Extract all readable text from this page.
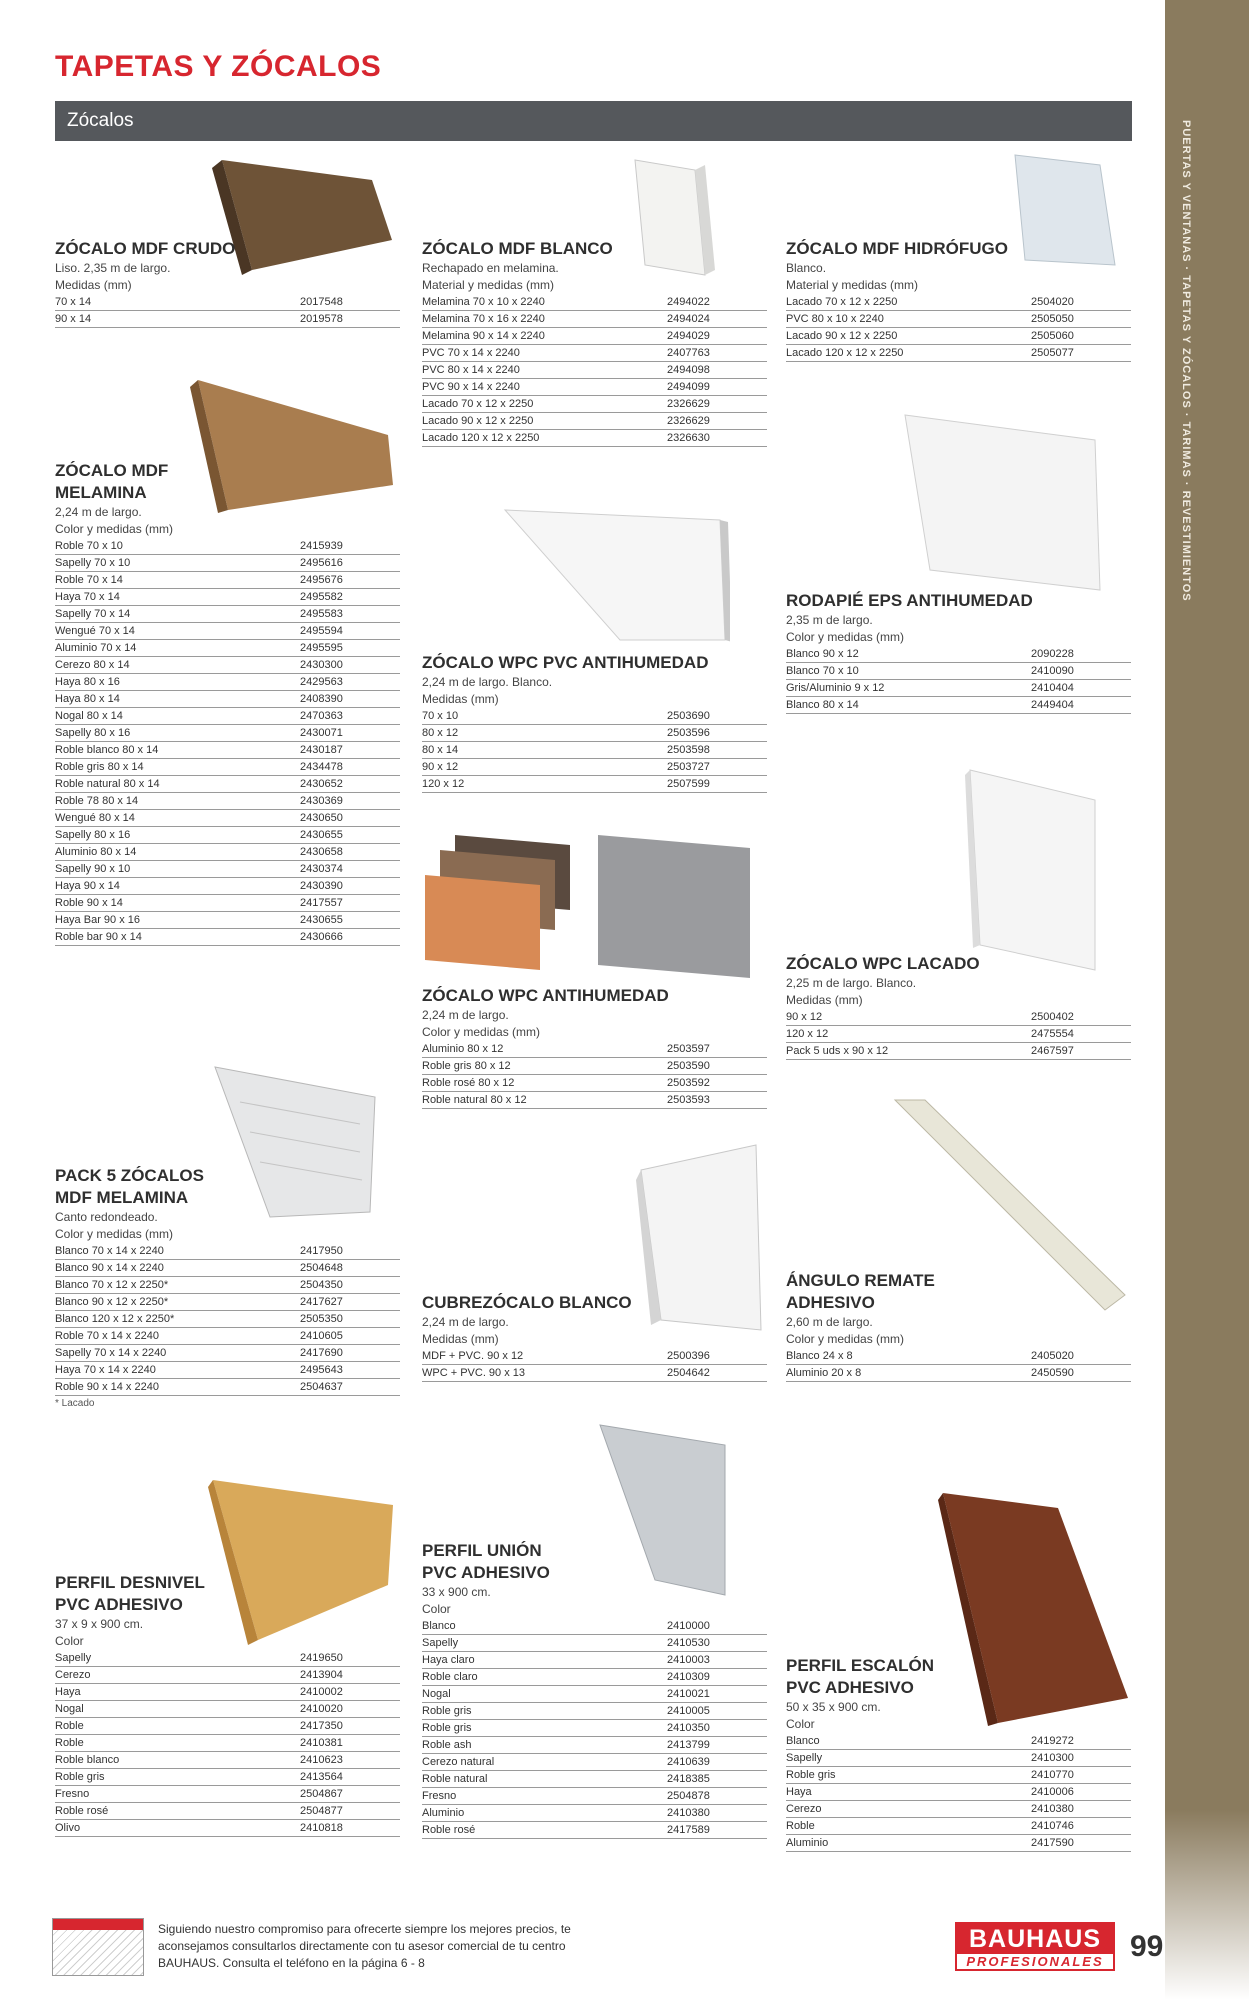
PUERTAS Y VENTANAS · TAPETAS Y ZÓCALOS · TARIMAS · REVESTIMIENTOS
TAPETAS Y ZÓCALOS
Zócalos
ZÓCALO MDF CRUDO
Liso. 2,35 m de largo.
Medidas (mm)
70 x 14	2017548
90 x 14	2019578
ZÓCALO MDF BLANCO
Rechapado en melamina.
Material y medidas (mm)
Melamina 70 x 10 x 2240	2494022
Melamina 70 x 16 x 2240	2494024
Melamina 90 x 14 x 2240	2494029
PVC 70 x 14 x 2240	2407763
PVC 80 x 14 x 2240	2494098
PVC 90 x 14 x 2240	2494099
Lacado 70 x 12 x 2250	2326629
Lacado 90 x 12 x 2250	2326629
Lacado 120 x 12 x 2250	2326630
ZÓCALO MDF HIDRÓFUGO
Blanco.
Material y medidas (mm)
Lacado 70 x 12 x 2250	2504020
PVC 80 x 10 x 2240	2505050
Lacado 90 x 12 x 2250	2505060
Lacado 120 x 12 x 2250	2505077
ZÓCALO MDF
MELAMINA
2,24 m de largo.
Color y medidas (mm)
Roble 70 x 10	2415939
Sapelly 70 x 10	2495616
Roble 70 x 14	2495676
Haya 70 x 14	2495582
Sapelly 70 x 14	2495583
Wengué 70 x 14	2495594
Aluminio 70 x 14	2495595
Cerezo 80 x 14	2430300
Haya 80 x 16	2429563
Haya 80 x 14	2408390
Nogal 80 x 14	2470363
Sapelly 80 x 16	2430071
Roble blanco 80 x 14	2430187
Roble gris 80 x 14	2434478
Roble natural 80 x 14	2430652
Roble 78 80 x 14	2430369
Wengué 80 x 14	2430650
Sapelly 80 x 16	2430655
Aluminio 80 x 14	2430658
Sapelly 90 x 10	2430374
Haya 90 x 14	2430390
Roble 90 x 14	2417557
Haya Bar 90 x 16	2430655
Roble bar 90 x 14	2430666
ZÓCALO WPC PVC ANTIHUMEDAD
2,24 m de largo. Blanco.
Medidas (mm)
70 x 10	2503690
80 x 12	2503596
80 x 14	2503598
90 x 12	2503727
120 x 12	2507599
RODAPIÉ EPS ANTIHUMEDAD
2,35 m de largo.
Color y medidas (mm)
Blanco 90 x 12	2090228
Blanco 70 x 10	2410090
Gris/Aluminio 9 x 12	2410404
Blanco 80 x 14	2449404
ZÓCALO WPC ANTIHUMEDAD
2,24 m de largo.
Color y medidas (mm)
Aluminio 80 x 12	2503597
Roble gris 80 x 12	2503590
Roble rosé 80 x 12	2503592
Roble natural 80 x 12	2503593
ZÓCALO WPC LACADO
2,25 m de largo. Blanco.
Medidas (mm)
90 x 12	2500402
120 x 12	2475554
Pack 5 uds x 90 x 12	2467597
PACK 5 ZÓCALOS
MDF MELAMINA
Canto redondeado.
Color y medidas (mm)
Blanco 70 x 14 x 2240	2417950
Blanco 90 x 14 x 2240	2504648
Blanco 70 x 12 x 2250*	2504350
Blanco 90 x 12 x 2250*	2417627
Blanco 120 x 12 x 2250*	2505350
Roble 70 x 14 x 2240	2410605
Sapelly 70 x 14 x 2240	2417690
Haya 70 x 14 x 2240	2495643
Roble 90 x 14 x 2240	2504637
* Lacado
CUBREZÓCALO BLANCO
2,24 m de largo.
Medidas (mm)
MDF + PVC. 90 x 12	2500396
WPC + PVC. 90 x 13	2504642
ÁNGULO REMATE
ADHESIVO
2,60 m de largo.
Color y medidas (mm)
Blanco 24 x 8	2405020
Aluminio 20 x 8	2450590
PERFIL DESNIVEL
PVC ADHESIVO
37 x 9 x 900 cm.
Color
Sapelly	2419650
Cerezo	2413904
Haya	2410002
Nogal	2410020
Roble	2417350
Roble	2410381
Roble blanco	2410623
Roble gris	2413564
Fresno	2504867
Roble rosé	2504877
Olivo	2410818
PERFIL UNIÓN
PVC ADHESIVO
33 x 900 cm.
Color
Blanco	2410000
Sapelly	2410530
Haya claro	2410003
Roble claro	2410309
Nogal	2410021
Roble gris	2410005
Roble gris	2410350
Roble ash	2413799
Cerezo natural	2410639
Roble natural	2418385
Fresno	2504878
Aluminio	2410380
Roble rosé	2417589
PERFIL ESCALÓN
PVC ADHESIVO
50 x 35 x 900 cm.
Color
Blanco	2419272
Sapelly	2410300
Roble gris	2410770
Haya	2410006
Cerezo	2410380
Roble	2410746
Aluminio	2417590
Siguiendo nuestro compromiso para ofrecerte siempre los mejores precios, te aconsejamos consultarlos directamente con tu asesor comercial de tu centro BAUHAUS. Consulta el teléfono en la página 6 - 8
BAUHAUS
PROFESIONALES 99
